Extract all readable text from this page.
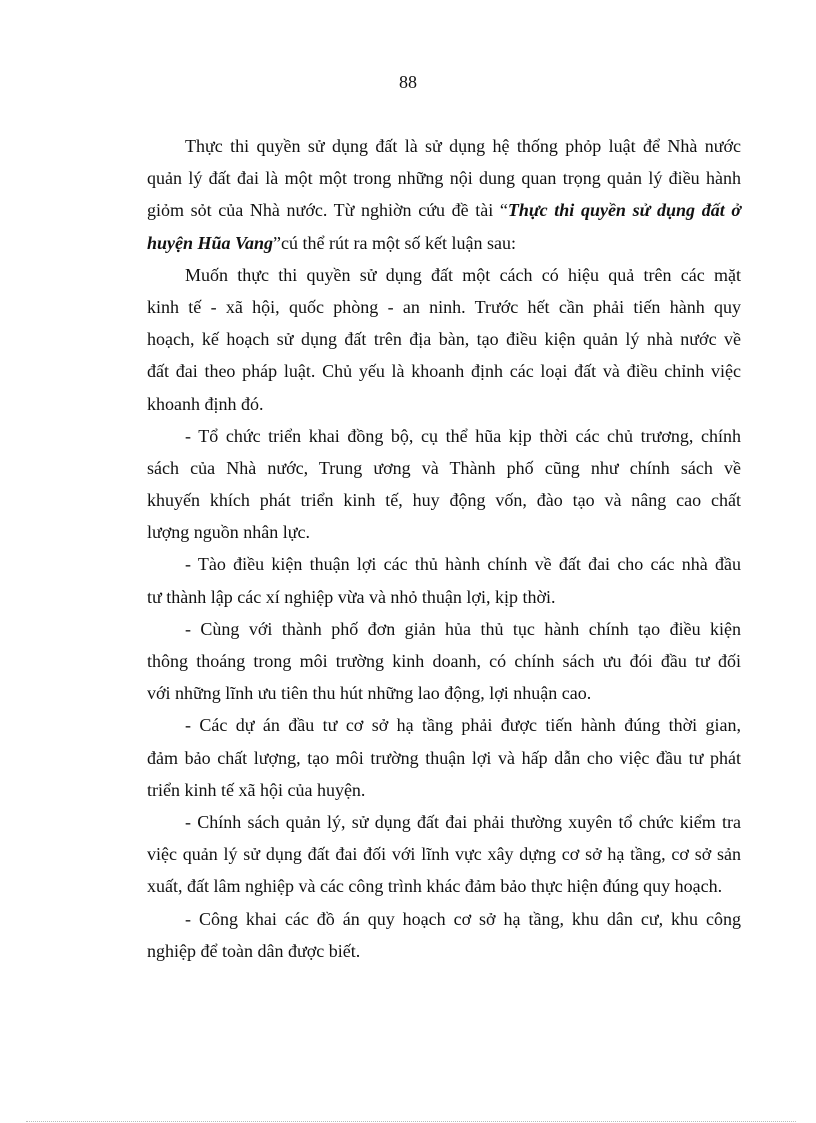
88
Thực thi quyền sử dụng đất là sử dụng hệ thống phỏp luật để Nhà nước
quản lý đất đai là một một trong những nội dung quan trọng quản lý điều hành
giỏm sỏt của Nhà nước. Từ nghiờn cứu đề tài “Thực thi quyền sử dụng đất ở
huyện Hũa Vang”cú thể rút ra một số kết luận sau:
Muốn thực thi quyền sử dụng đất một cách có hiệu quả trên các mặt
kinh tế - xã hội, quốc phòng - an ninh. Trước hết cần phải tiến hành quy
hoạch, kế hoạch sử dụng đất trên địa bàn, tạo điều kiện quản lý nhà nước về
đất đai theo pháp luật. Chủ yếu là khoanh định các loại đất và điều chỉnh việc
khoanh định đó.
- Tổ chức triển khai đồng bộ, cụ thể hũa kịp thời các chủ trương, chính
sách của Nhà nước, Trung ương và Thành phố cũng như chính sách về
khuyến khích phát triển kinh tế, huy động vốn, đào tạo và nâng cao chất
lượng nguồn nhân lực.
- Tào điều kiện thuận lợi các thủ hành chính về đất đai cho các nhà đầu
tư thành lập các xí nghiệp vừa và nhỏ thuận lợi, kịp thời.
- Cùng với thành phố đơn giản hủa thủ tục hành chính tạo điều kiện
thông thoáng trong môi trường kinh doanh, có chính sách ưu đói đầu tư đối
với những lĩnh ưu tiên thu hút những lao động, lợi nhuận cao.
- Các dự án đầu tư cơ sở hạ tầng phải được tiến hành đúng thời gian,
đảm bảo chất lượng, tạo môi trường thuận lợi và hấp dẫn cho việc đầu tư phát
triển kinh tế xã hội của huyện.
- Chính sách quản lý, sử dụng đất đai phải thường xuyên tổ chức kiểm tra
việc quản lý sử dụng đất đai đối với lĩnh vực xây dựng cơ sở hạ tầng, cơ sở sản
xuất, đất lâm nghiệp và các công trình khác đảm bảo thực hiện đúng quy hoạch.
- Công khai các đồ án quy hoạch cơ sở hạ tầng, khu dân cư, khu công
nghiệp để toàn dân được biết.
